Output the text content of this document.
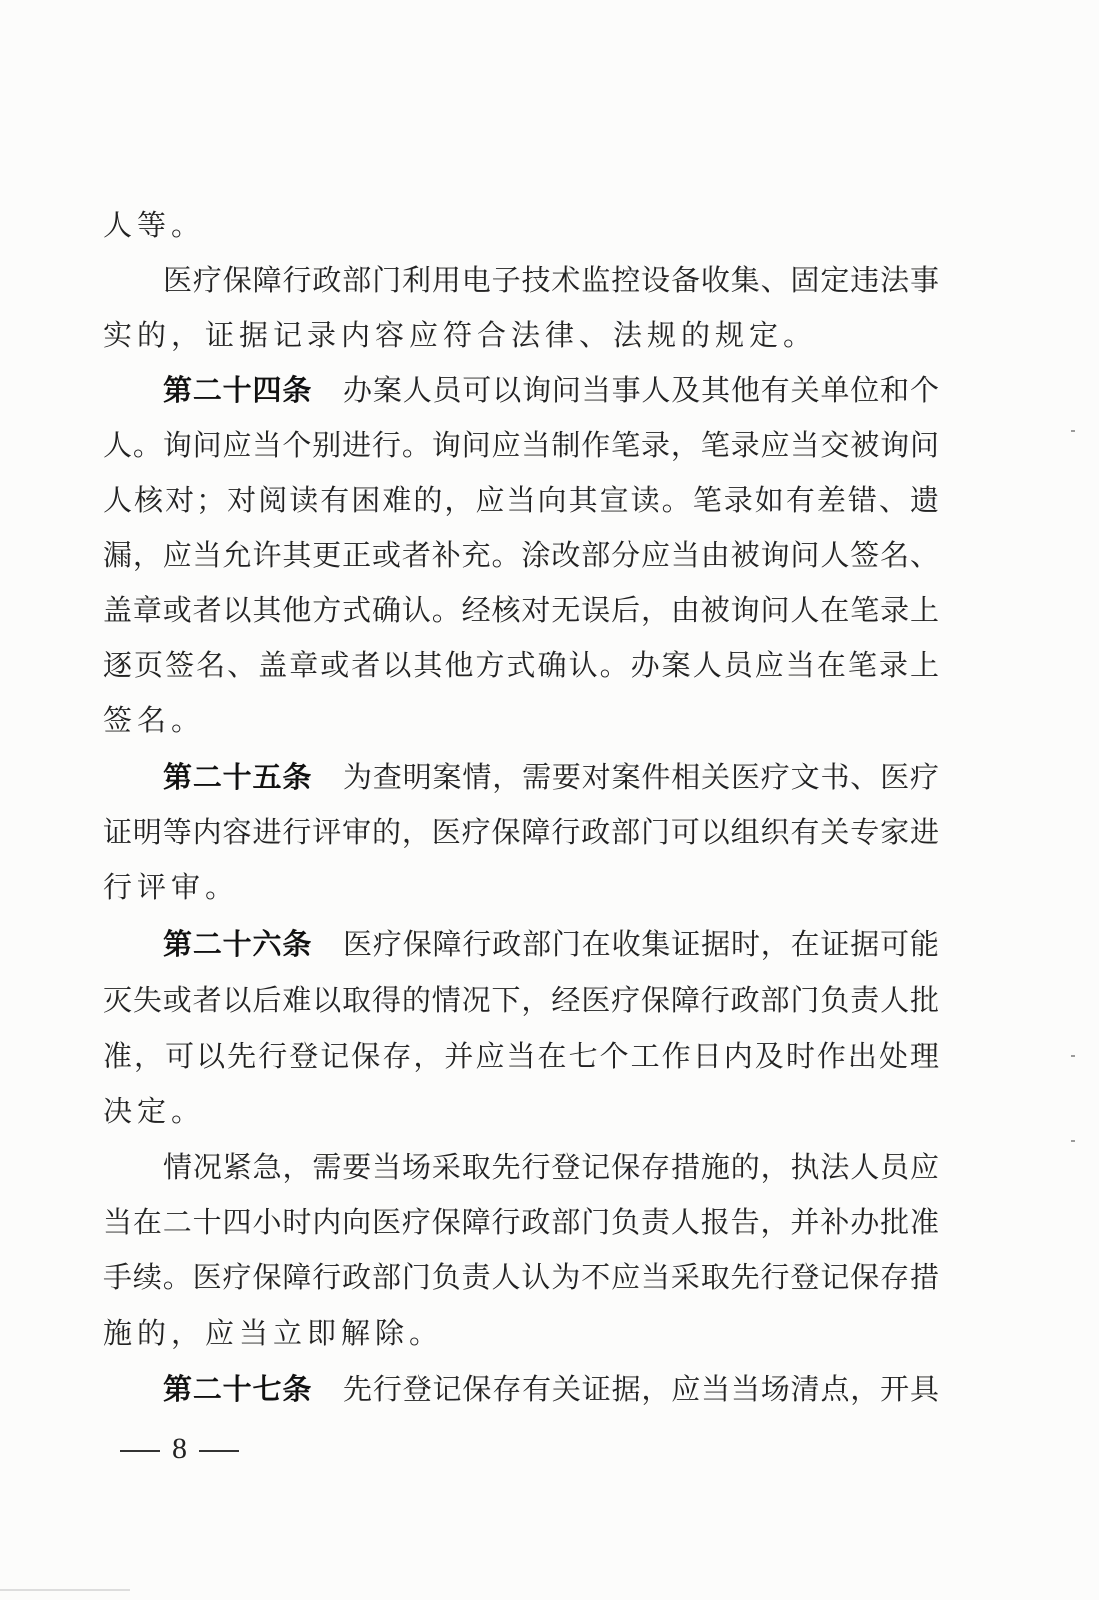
人等。
医疗保障行政部门利用电子技术监控设备收集、固定违法事
实的，证据记录内容应符合法律、法规的规定。
第二十四条 办案人员可以询问当事人及其他有关单位和个
人。询问应当个别进行。询问应当制作笔录，笔录应当交被询问
人核对；对阅读有困难的，应当向其宣读。笔录如有差错、遗
漏，应当允许其更正或者补充。涂改部分应当由被询问人签名、
盖章或者以其他方式确认。经核对无误后，由被询问人在笔录上
逐页签名、盖章或者以其他方式确认。办案人员应当在笔录上
签名。
第二十五条 为查明案情，需要对案件相关医疗文书、医疗
证明等内容进行评审的，医疗保障行政部门可以组织有关专家进
行评审。
第二十六条 医疗保障行政部门在收集证据时，在证据可能
灭失或者以后难以取得的情况下，经医疗保障行政部门负责人批
准，可以先行登记保存，并应当在七个工作日内及时作出处理
决定。
情况紧急，需要当场采取先行登记保存措施的，执法人员应
当在二十四小时内向医疗保障行政部门负责人报告，并补办批准
手续。医疗保障行政部门负责人认为不应当采取先行登记保存措
施的，应当立即解除。
第二十七条 先行登记保存有关证据，应当当场清点，开具
8
